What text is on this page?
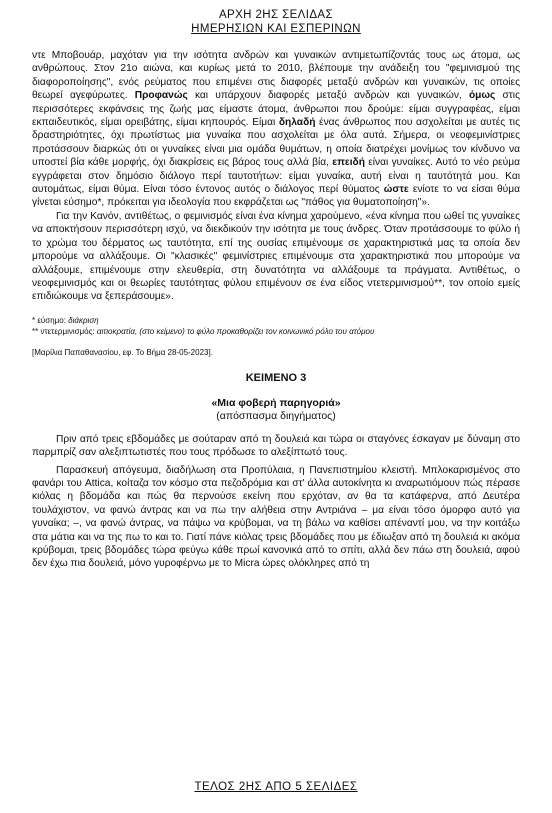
ΑΡΧΗ 2ΗΣ ΣΕΛΙΔΑΣ
ΗΜΕΡΗΣΙΩΝ ΚΑΙ ΕΣΠΕΡΙΝΩΝ

ντε Μποβουάρ, μαχόταν για την ισότητα ανδρών και γυναικών αντιμετωπίζοντάς τους ως άτομα, ως ανθρώπους. Στον 21ο αιώνα, και κυρίως μετά το 2010, βλέπουμε την ανάδειξη του "φεμινισμού της διαφοροποίησης", ενός ρεύματος που επιμένει στις διαφορές μεταξύ ανδρών και γυναικών, τις οποίες θεωρεί αγεφύρωτες. Προφανώς και υπάρχουν διαφορές μεταξύ ανδρών και γυναικών, όμως στις περισσότερες εκφάνσεις της ζωής μας είμαστε άτομα, άνθρωποι που δρούμε: είμαι συγγραφέας, είμαι εκπαιδευτικός, είμαι ορειβάτης, είμαι κηπουρός. Είμαι δηλαδή ένας άνθρωπος που ασχολείται με αυτές τις δραστηριότητες, όχι πρωτίστως μια γυναίκα που ασχολείται με όλα αυτά. Σήμερα, οι νεοφεμινίστριες προτάσσουν διαρκώς ότι οι γυναίκες είναι μια ομάδα θυμάτων, η οποία διατρέχει μονίμως τον κίνδυνο να υποστεί βία κάθε μορφής, όχι διακρίσεις εις βάρος τους αλλά βία, επειδή είναι γυναίκες. Αυτό το νέο ρεύμα εγγράφεται στον δημόσιο διάλογο περί ταυτοτήτων: είμαι γυναίκα, αυτή είναι η ταυτότητά μου. Και αυτομάτως, είμαι θύμα. Είναι τόσο έντονος αυτός ο διάλογος περί θύματος ώστε ενίοτε το να είσαι θύμα γίνεται εύσημο*, πρόκειται για ιδεολογία που εκφράζεται ως "πάθος για θυματοποίηση"».

Για την Κανόν, αντιθέτως, ο φεμινισμός είναι ένα κίνημα χαρούμενο, «ένα κίνημα που ωθεί τις γυναίκες να αποκτήσουν περισσότερη ισχύ, να διεκδικούν την ισότητα με τους άνδρες. Όταν προτάσσουμε το φύλο ή το χρώμα του δέρματος ως ταυτότητα, επί της ουσίας επιμένουμε σε χαρακτηριστικά μας τα οποία δεν μπορούμε να αλλάξουμε. Οι "κλασικές" φεμινίστριες επιμένουμε στα χαρακτηριστικά που μπορούμε να αλλάξουμε, επιμένουμε στην ελευθερία, στη δυνατότητα να αλλάξουμε τα πράγματα. Αντιθέτως, ο νεοφεμινισμός και οι θεωρίες ταυτότητας φύλου επιμένουν σε ένα είδος ντετερμινισμού**, τον οποίο εμείς επιδιώκουμε να ξεπεράσουμε».

* εύσημο: διάκριση

** ντετερμινισμός: αιτιοκρατία, (στο κείμενο) το φύλο προκαθορίζει τον κοινωνικό ρόλο του ατόμου

[Μαρίλια Παπαθανασίου, εφ. Το Βήμα 28-05-2023].

ΚΕΙΜΕΝΟ 3
«Μια φοβερή παρηγοριά»
(απόσπασμα διηγήματος)

Πριν από τρεις εβδομάδες με σούταραν από τη δουλειά και τώρα οι σταγόνες έσκαγαν με δύναμη στο παρμπρίζ σαν αλεξιπτωτιστές που τους πρόδωσε το αλεξίπτωτό τους.

Παρασκευή απόγευμα, διαδήλωση στα Προπύλαια, η Πανεπιστημίου κλειστή. Μπλοκαρισμένος στο φανάρι του Attica, κοίταζα τον κόσμο στα πεζοδρόμια και στ' άλλα αυτοκίνητα κι αναρωτιόμουν πώς πέρασε κιόλας η βδομάδα και πώς θα περνούσε εκείνη που ερχόταν, αν θα τα κατάφερνα, από Δευτέρα τουλάχιστον, να φανώ άντρας και να πω την αλήθεια στην Αντριάνα – μα είναι τόσο όμορφο αυτό για γυναίκα; –, να φανώ άντρας, να πάψω να κρύβομαι, να τη βάλω να καθίσει απέναντί μου, να την κοιτάξω στα μάτια και να της πω το και το. Γιατί πάνε κιόλας τρεις βδομάδες που με έδιωξαν από τη δουλειά κι ακόμα κρύβομαι, τρεις βδομάδες τώρα φεύγω κάθε πρωί κανονικά από το σπίτι, αλλά δεν πάω στη δουλειά, αφού δεν έχω πια δουλειά, μόνο γυροφέρνω με το Micra ώρες ολόκληρες από τη

ΤΕΛΟΣ 2ΗΣ ΑΠΟ 5 ΣΕΛΙΔΕΣ
